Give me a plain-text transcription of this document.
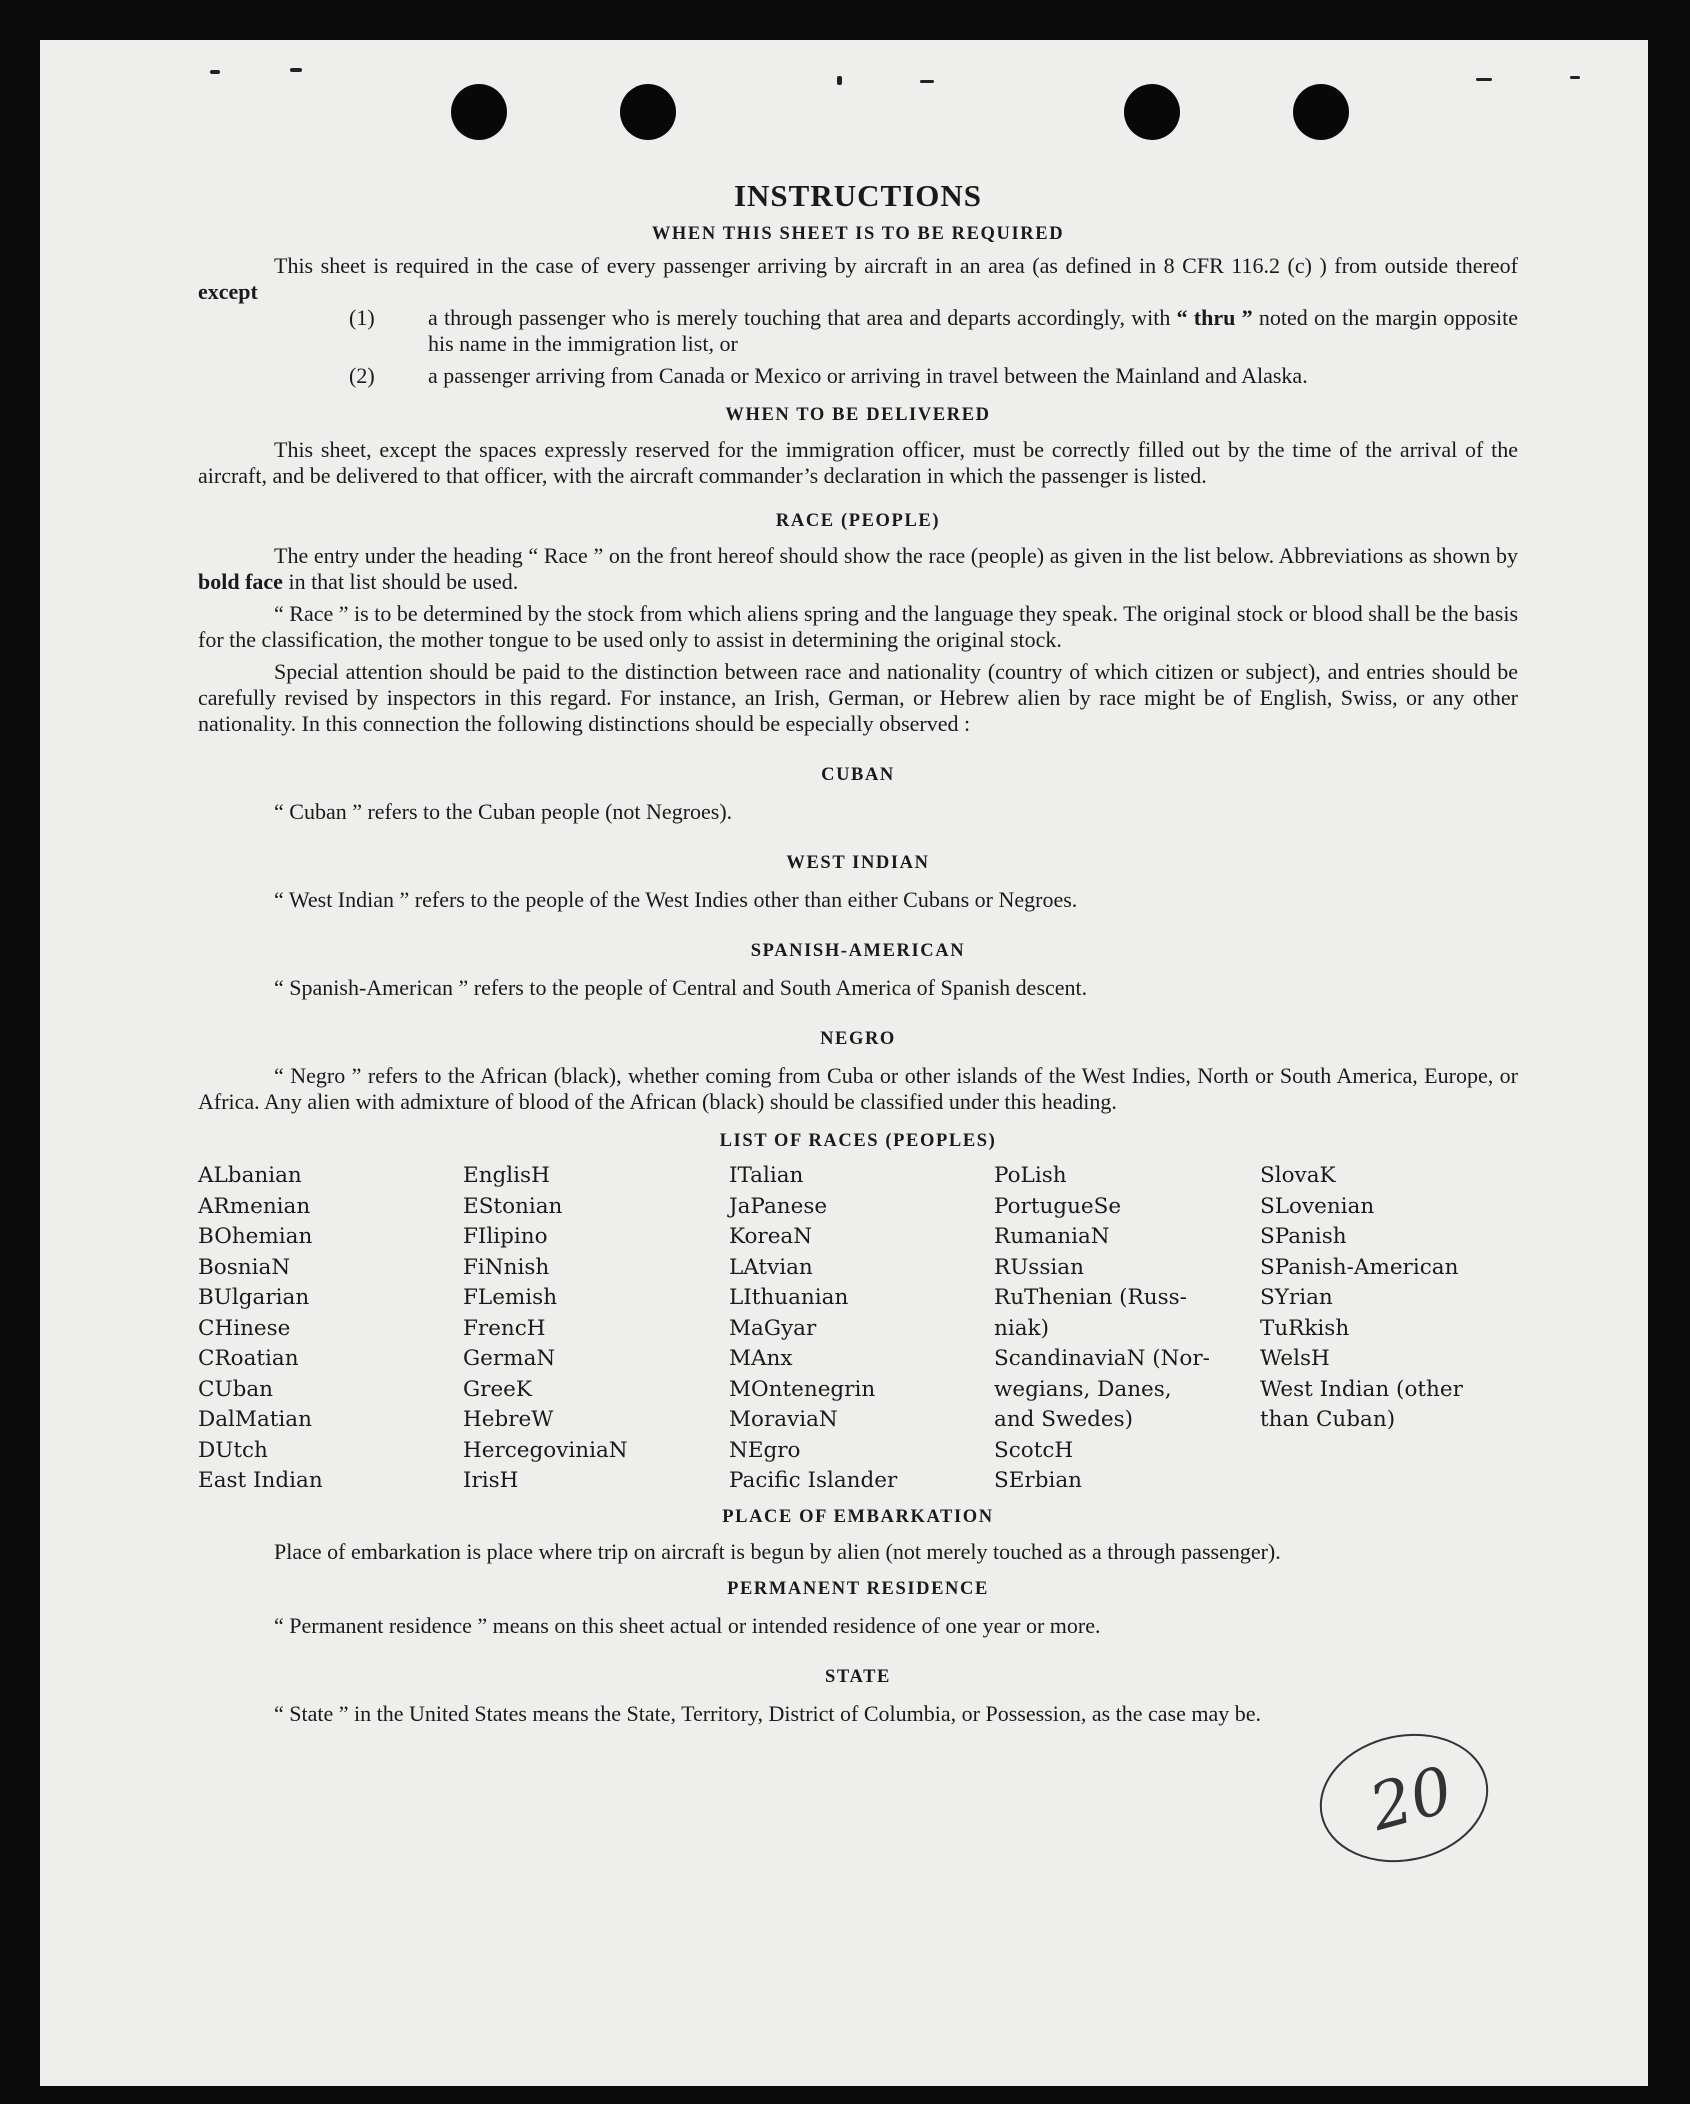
INSTRUCTIONS
WHEN THIS SHEET IS TO BE REQUIRED

This sheet is required in the case of every passenger arriving by aircraft in an area (as defined in 8 CFR 116.2 (c) ) from outside thereof except

(1) a through passenger who is merely touching that area and departs accordingly, with “ thru ” noted on the margin opposite his name in the immigration list, or
(2) a passenger arriving from Canada or Mexico or arriving in travel between the Mainland and Alaska.
WHEN TO BE DELIVERED

This sheet, except the spaces expressly reserved for the immigration officer, must be correctly filled out by the time of the arrival of the aircraft, and be delivered to that officer, with the aircraft commander’s declaration in which the passenger is listed.

RACE (PEOPLE)

The entry under the heading “ Race ” on the front hereof should show the race (people) as given in the list below. Abbreviations as shown by bold face in that list should be used.

“ Race ” is to be determined by the stock from which aliens spring and the language they speak. The original stock or blood shall be the basis for the classification, the mother tongue to be used only to assist in determining the original stock.

Special attention should be paid to the distinction between race and nationality (country of which citizen or subject), and entries should be carefully revised by inspectors in this regard. For instance, an Irish, German, or Hebrew alien by race might be of English, Swiss, or any other nationality. In this connection the following distinctions should be especially observed :

CUBAN

“ Cuban ” refers to the Cuban people (not Negroes).

WEST INDIAN

“ West Indian ” refers to the people of the West Indies other than either Cubans or Negroes.

SPANISH-AMERICAN

“ Spanish-American ” refers to the people of Central and South America of Spanish descent.

NEGRO

“ Negro ” refers to the African (black), whether coming from Cuba or other islands of the West Indies, North or South America, Europe, or Africa. Any alien with admixture of blood of the African (black) should be classified under this heading.

LIST OF RACES (PEOPLES)
ALbanian
ARmenian
BOhemian
BosniaN
BUlgarian
CHinese
CRoatian
CUban
DalMatian
DUtch
East Indian
EnglisH
EStonian
FIlipino
FiNnish
FLemish
FrencH
GermaN
GreeK
HebreW
HercegoviniaN
IrisH
ITalian
JaPanese
KoreaN
LAtvian
LIthuanian
MaGyar
MAnx
MOntenegrin
MoraviaN
NEgro
Pacific Islander
PoLish
PortugueSe
RumaniaN
RUssian
RuThenian (Russ-
niak)
ScandinaviaN (Nor-
wegians, Danes,
and Swedes)
ScotcH
SErbian
SlovaK
SLovenian
SPanish
SPanish-American
SYrian
TuRkish
WelsH
West Indian (other
than Cuban)
PLACE OF EMBARKATION

Place of embarkation is place where trip on aircraft is begun by alien (not merely touched as a through passenger).

PERMANENT RESIDENCE

“ Permanent residence ” means on this sheet actual or intended residence of one year or more.

STATE

“ State ” in the United States means the State, Territory, District of Columbia, or Possession, as the case may be.

20
